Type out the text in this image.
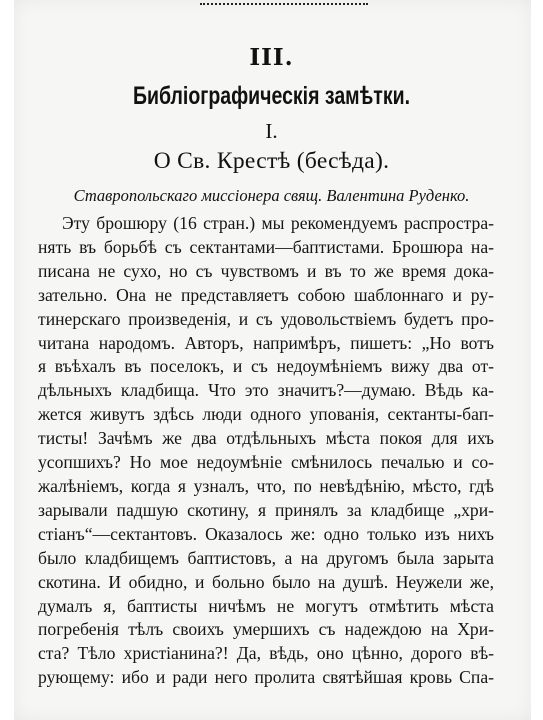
III.
Библіографическія замѣтки.
I.
О Св. Крестѣ (бесѣда).
Ставропольскаго миссіонера свящ. Валентина Руденко.
Эту брошюру (16 стран.) мы рекомендуемъ распростра-
нять въ борьбѣ съ сектантами—баптистами. Брошюра на-
писана не сухо, но съ чувствомъ и въ то же время дока-
зательно. Она не представляетъ собою шаблоннаго и ру-
тинерскаго произведенія, и съ удовольствіемъ будетъ про-
читана народомъ. Авторъ, напримѣръ, пишетъ: „Но вотъ
я въѣхалъ въ поселокъ, и съ недоумѣніемъ вижу два от-
дѣльныхъ кладбища. Что это значитъ?—думаю. Вѣдь ка-
жется живутъ здѣсь люди одного упованія, сектанты-бап-
тисты! Зачѣмъ же два отдѣльныхъ мѣста покоя для ихъ
усопшихъ? Но мое недоумѣніе смѣнилось печалью и со-
жалѣніемъ, когда я узналъ, что, по невѣдѣнію, мѣсто, гдѣ
зарывали падшую скотину, я принялъ за кладбище „хри-
стіанъ“—сектантовъ. Оказалось же: одно только изъ нихъ
было кладбищемъ баптистовъ, а на другомъ была зарыта
скотина. И обидно, и больно было на душѣ. Неужели же,
думалъ я, баптисты ничѣмъ не могутъ отмѣтить мѣста
погребенія тѣлъ своихъ умершихъ съ надеждою на Хри-
ста? Тѣло христіанина?! Да, вѣдь, оно цѣнно, дорого вѣ-
рующему: ибо и ради него пролита святѣйшая кровь Спа-
